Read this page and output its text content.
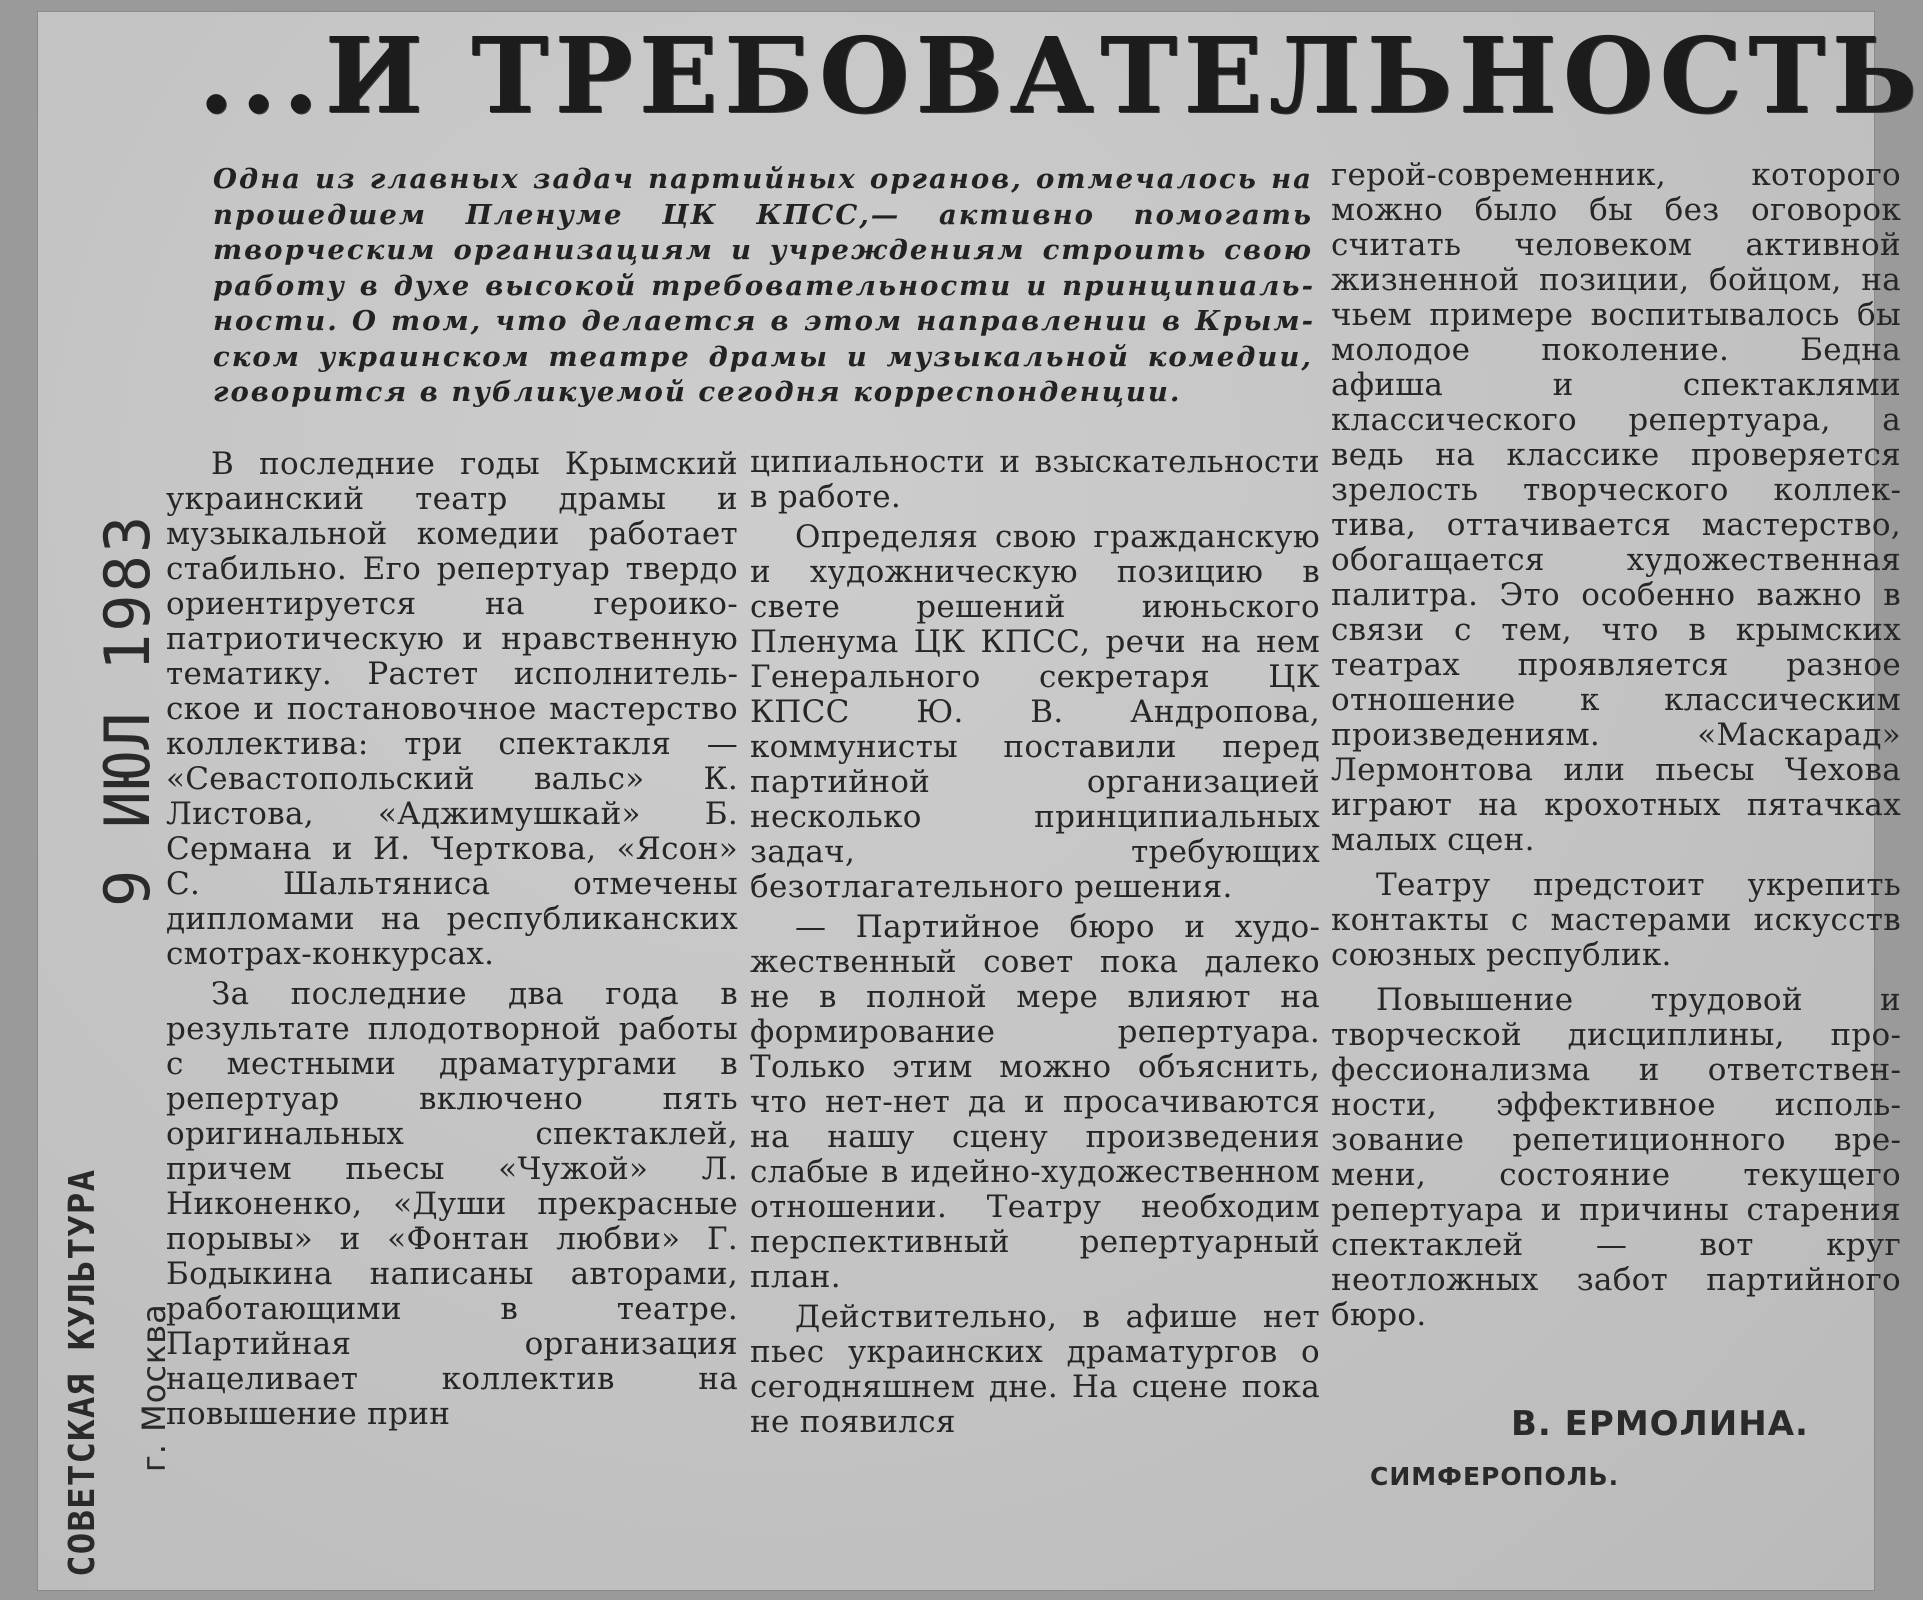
...И ТРЕБОВАТЕЛЬНОСТЬ

Одна из главных задач партийных органов, отмечалось на прошедшем Пленуме ЦК КПСС,— активно помогать творческим организациям и учреждениям строить свою работу в духе высокой требовательности и принципиальности. О том, что делается в этом направлении в Крымском украинском театре драмы и музыкальной комедии, говорится в публикуемой сегодня корреспонденции.

В последние годы Крымский украинский театр драмы и музыкальной комедии работает стабильно. Его репертуар твердо ориентируется на героико-патриотическую и нравственную тематику. Растет исполнительское и постановочное мастерство коллектива: три спектакля — «Севастопольский вальс» К. Листова, «Аджимушкай» Б. Сермана и И. Черткова, «Ясон» С. Шальтяниса отмечены дипломами на республиканских смотрах-конкурсах.

За последние два года в результате плодотворной работы с местными драматургами в репертуар включено пять оригинальных спектаклей, причем пьесы «Чужой» Л. Никоненко, «Души прекрасные порывы» и «Фонтан любви» Г. Бодыкина написаны авторами, работающими в театре. Партийная организация нацеливает коллектив на повышение прин

ципиальности и взыскательности в работе.

Определяя свою гражданскую и художническую позицию в свете решений июньского Пленума ЦК КПСС, речи на нем Генерального секретаря ЦК КПСС Ю. В. Андропова, коммунисты поставили перед партийной организацией несколько принципиальных задач, требующих безотлагательного решения.

— Партийное бюро и художественный совет пока далеко не в полной мере влияют на формирование репертуара. Только этим можно объяснить, что нет-нет да и просачиваются на нашу сцену произведения слабые в идейно-художественном отношении. Театру необходим перспективный репертуарный план.

Действительно, в афише нет пьес украинских драматургов о сегодняшнем дне. На сцене пока не появился

герой-современник, которого можно было бы без оговорок считать человеком активной жизненной позиции, бойцом, на чьем примере воспитывалось бы молодое поколение. Бедна афиша и спектаклями классического репертуара, а ведь на классике проверяется зрелость творческого коллектива, оттачивается мастерство, обогащается художественная палитра. Это особенно важно в связи с тем, что в крымских театрах проявляется разное отношение к классическим произведениям. «Маскарад» Лермонтова или пьесы Чехова играют на крохотных пятачках малых сцен.

Театру предстоит укрепить контакты с мастерами искусств союзных республик.

Повышение трудовой и творческой дисциплины, профессионализма и ответственности, эффективное использование репетиционного времени, состояние текущего репертуара и причины старения спектаклей — вот круг неотложных забот партийного бюро.

В. ЕРМОЛИНА.

СИМФЕРОПОЛЬ.

9 ИЮЛ 1983

СОВЕТСКАЯ КУЛЬТУРА г. Москва
